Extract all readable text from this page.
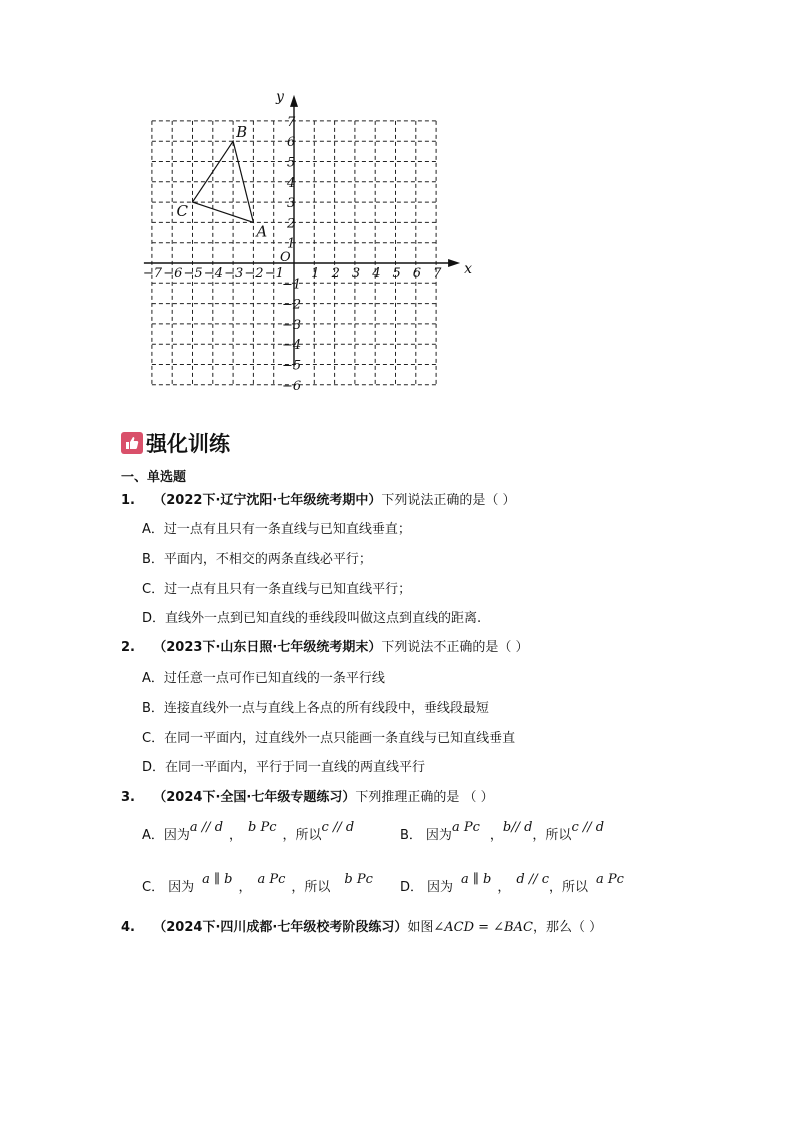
x
y
O
−7 −6 −5 −4 −3 −2 −1 1 2 3 4 5 6 7
7
6
5
4
3
2
1
−1
−2
−3
−4
−5
−6
A
B
C
强化训练
一、单选题
1. （2022下·辽宁沈阳·七年级统考期中）下列说法正确的是（ ）
A．过一点有且只有一条直线与已知直线垂直；
B．平面内，不相交的两条直线必平行；
C．过一点有且只有一条直线与已知直线平行；
D．直线外一点到已知直线的垂线段叫做这点到直线的距离.
2. （2023下·山东日照·七年级统考期末）下列说法不正确的是（ ）
A．过任意一点可作已知直线的一条平行线
B．连接直线外一点与直线上各点的所有线段中，垂线段最短
C．在同一平面内，过直线外一点只能画一条直线与已知直线垂直
D．在同一平面内，平行于同一直线的两直线平行
3. （2024下·全国·七年级专题练习）下列推理正确的是 （ ）
A．因为a // d，b Pc，所以c // d
B． 因为a Pc，b// d，所以c // d
C． 因为a ∥ b，a Pc，所以b Pc
D． 因为a ∥ b，d // c，所以a Pc
4. （2024下·四川成都·七年级校考阶段练习）如图∠ACD = ∠BAC，那么（ ）
